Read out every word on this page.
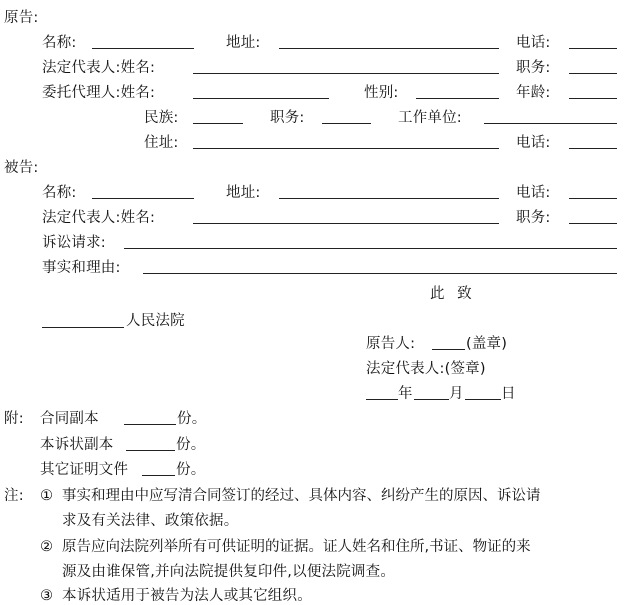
原告:
名称:	地址:	电话:
法定代表人:姓名:	职务:
委托代理人:姓名:	性别:	年龄:
民族:	职务:	工作单位:
住址:	电话:
被告:
名称:	地址:	电话:
法定代表人:姓名:	职务:
诉讼请求:
事实和理由:
此 致
人民法院
原告人:	(盖章)
法定代表人:(签章)
年	月	日
附: 合同副本	份。
本诉状副本	份。
其它证明文件	份。
注: ① 事实和理由中应写清合同签订的经过、具体内容、纠纷产生的原因、诉讼请
求及有关法律、政策依据。
② 原告应向法院列举所有可供证明的证据。证人姓名和住所,书证、物证的来
源及由谁保管,并向法院提供复印件,以便法院调查。
③ 本诉状适用于被告为法人或其它组织。
